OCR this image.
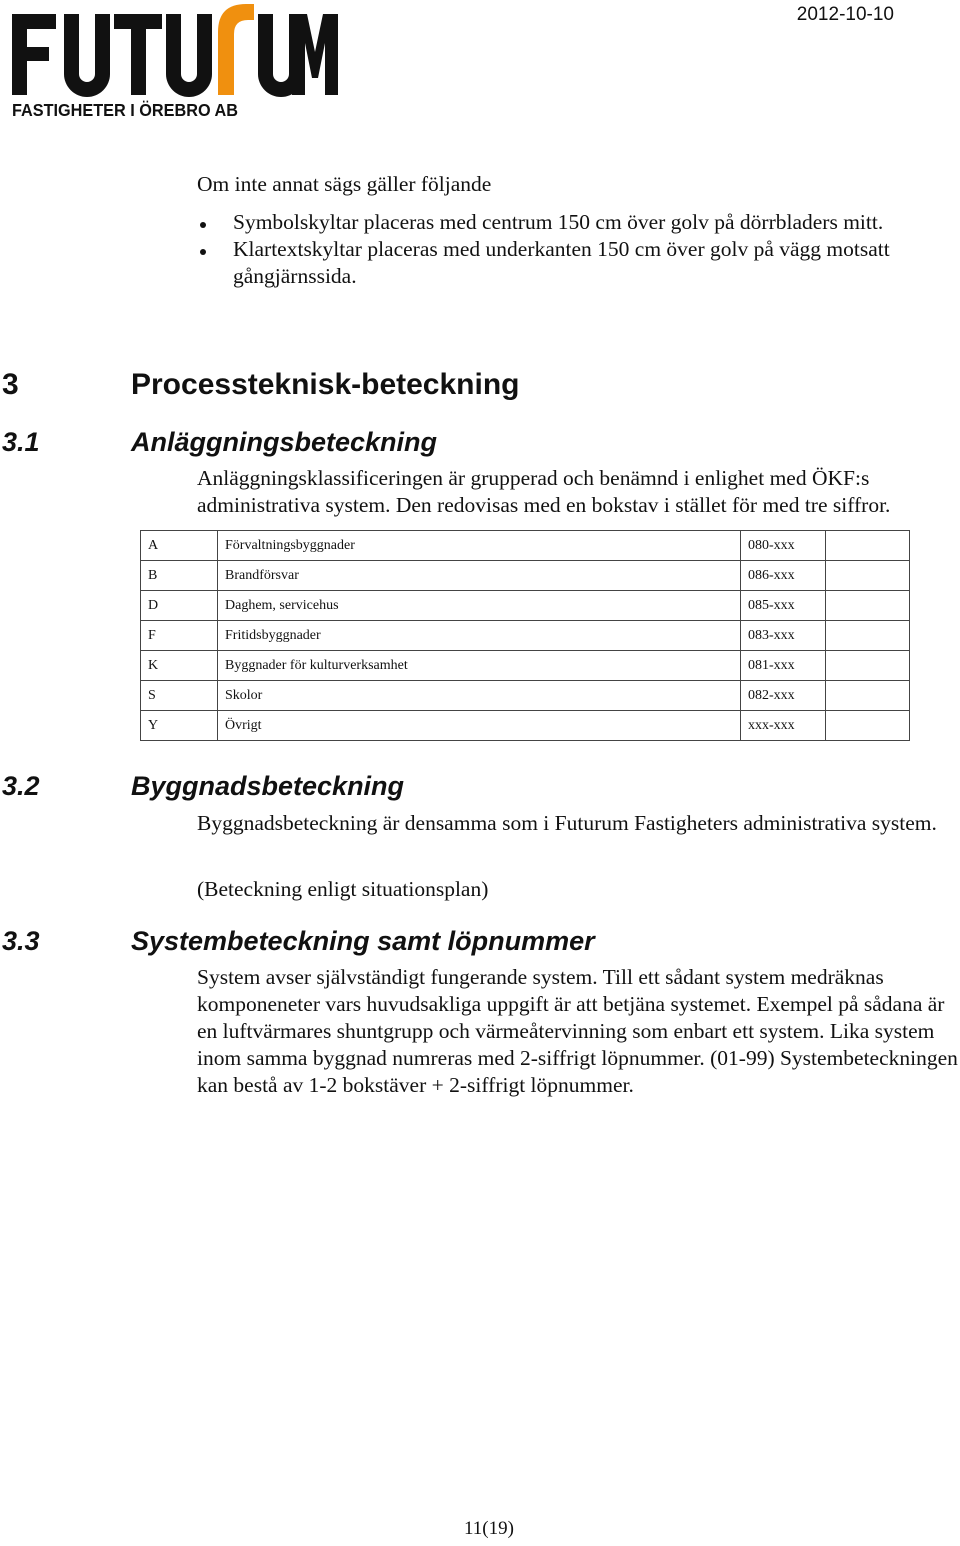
FASTIGHETER I ÖREBRO AB
2012-10-10

Om inte annat sägs gäller följande

Symbolskyltar placeras med centrum 150 cm över golv på dörrbladers mitt.
Klartextskyltar placeras med underkanten 150 cm över golv på vägg motsatt gångjärnssida.
3	Processteknisk-beteckning
3.1	Anläggningsbeteckning

Anläggningsklassificeringen är grupperad och benämnd i enlighet med ÖKF:s administrativa system. Den redovisas med en bokstav i stället för med tre siffror.

A	Förvaltningsbyggnader	080-xxx	
B	Brandförsvar	086-xxx	
D	Daghem, servicehus	085-xxx	
F	Fritidsbyggnader	083-xxx	
K	Byggnader för kulturverksamhet	081-xxx	
S	Skolor	082-xxx	
Y	Övrigt	xxx-xxx	
3.2	Byggnadsbeteckning

Byggnadsbeteckning är densamma som i Futurum Fastigheters administrativa system.

(Beteckning enligt situationsplan)

3.3	Systembeteckning samt löpnummer

System avser självständigt fungerande system. Till ett sådant system medräknas komponeneter vars huvudsakliga uppgift är att betjäna systemet. Exempel på sådana är en luftvärmares shuntgrupp och värmeåtervinning som enbart ett system. Lika system inom samma byggnad numreras med 2-siffrigt löpnummer. (01-99) Systembeteckningen kan bestå av 1-2 bokstäver + 2-siffrigt löpnummer.

11(19)
